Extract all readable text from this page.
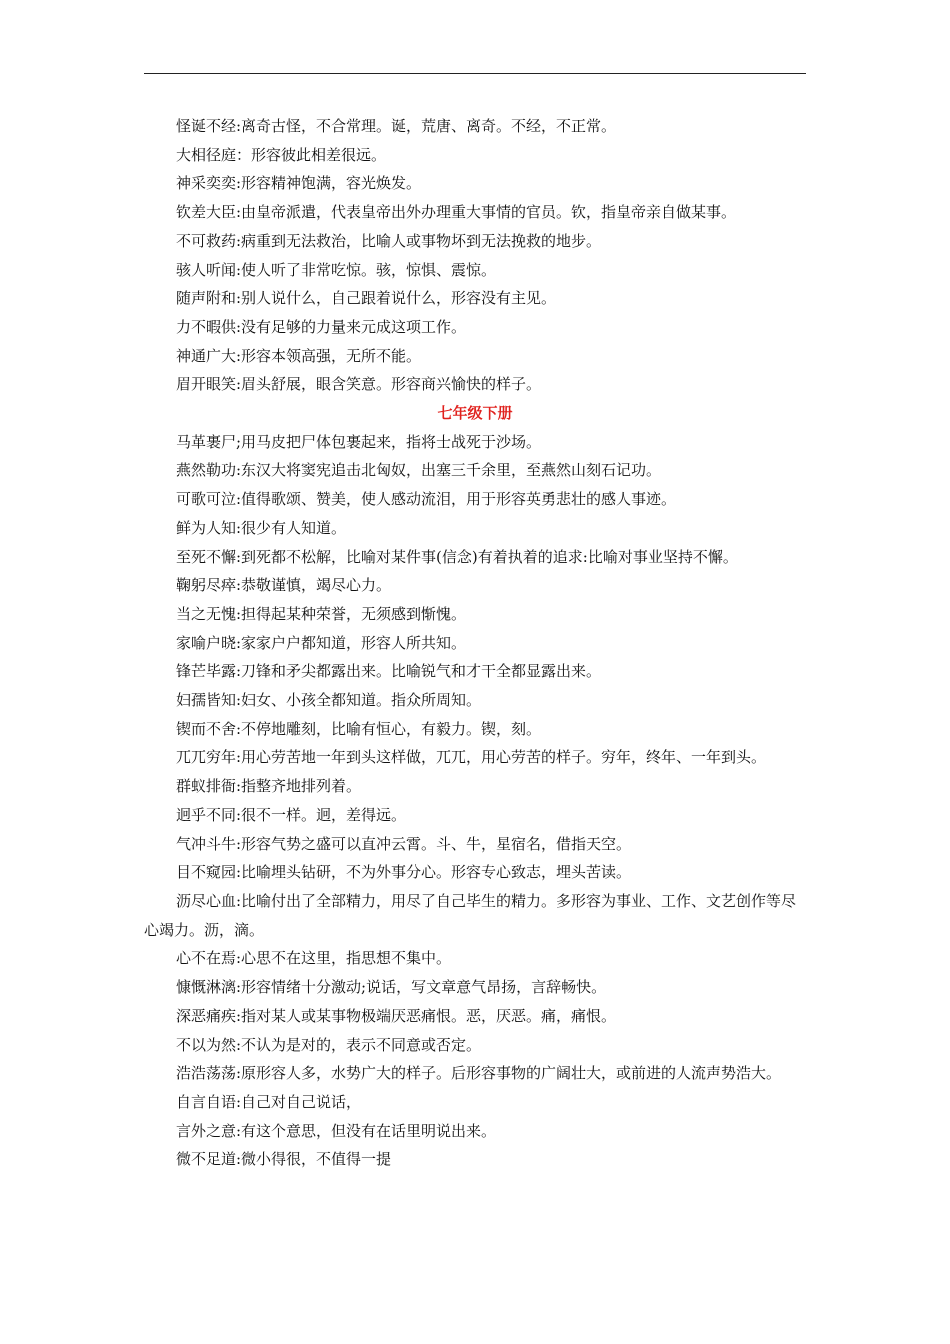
怪诞不经:离奇古怪，不合常理。诞，荒唐、离奇。不经，不正常。
大相径庭：形容彼此相差很远。
神采奕奕:形容精神饱满，容光焕发。
钦差大臣:由皇帝派遣，代表皇帝出外办理重大事情的官员。钦，指皇帝亲自做某事。
不可救药:病重到无法救治，比喻人或事物坏到无法挽救的地步。
骇人听闻:使人听了非常吃惊。骇，惊惧、震惊。
随声附和:别人说什么，自己跟着说什么，形容没有主见。
力不暇供:没有足够的力量来元成这项工作。
神通广大:形容本领高强，无所不能。
眉开眼笑:眉头舒展，眼含笑意。形容商兴愉快的样子。
七年级下册
马革裹尸;用马皮把尸体包裹起来，指将士战死于沙场。
燕然勒功:东汉大将窦宪追击北匈奴，出塞三千余里，至燕然山刻石记功。
可歌可泣:值得歌颂、赞美，使人感动流泪，用于形容英勇悲壮的感人事迹。
鲜为人知:很少有人知道。
至死不懈:到死都不松解，比喻对某件事(信念)有着执着的追求:比喻对事业坚持不懈。
鞠躬尽瘁:恭敬谨慎，竭尽心力。
当之无愧:担得起某种荣誉，无须感到惭愧。
家喻户晓:家家户户都知道，形容人所共知。
锋芒毕露:刀锋和矛尖都露出来。比喻锐气和才干全都显露出来。
妇孺皆知:妇女、小孩全都知道。指众所周知。
锲而不舍:不停地雕刻，比喻有恒心，有毅力。锲，刻。
兀兀穷年:用心劳苦地一年到头这样做，兀兀，用心劳苦的样子。穷年，终年、一年到头。
群蚁排衙:指整齐地排列着。
迥乎不同:很不一样。迥，差得远。
气冲斗牛:形容气势之盛可以直冲云霄。斗、牛，星宿名，借指天空。
目不窥园:比喻埋头钻研，不为外事分心。形容专心致志，埋头苦读。
沥尽心血:比喻付出了全部精力，用尽了自己毕生的精力。多形容为事业、工作、文艺创作等尽心竭力。沥，滴。
心不在焉:心思不在这里，指思想不集中。
慷慨淋漓:形容情绪十分激动;说话，写文章意气昂扬，言辞畅快。
深恶痛疾:指对某人或某事物极端厌恶痛恨。恶，厌恶。痛，痛恨。
不以为然:不认为是对的，表示不同意或否定。
浩浩荡荡:原形容人多，水势广大的样子。后形容事物的广阔壮大，或前进的人流声势浩大。
自言自语:自己对自己说话，
言外之意:有这个意思，但没有在话里明说出来。
微不足道:微小得很，不值得一提
